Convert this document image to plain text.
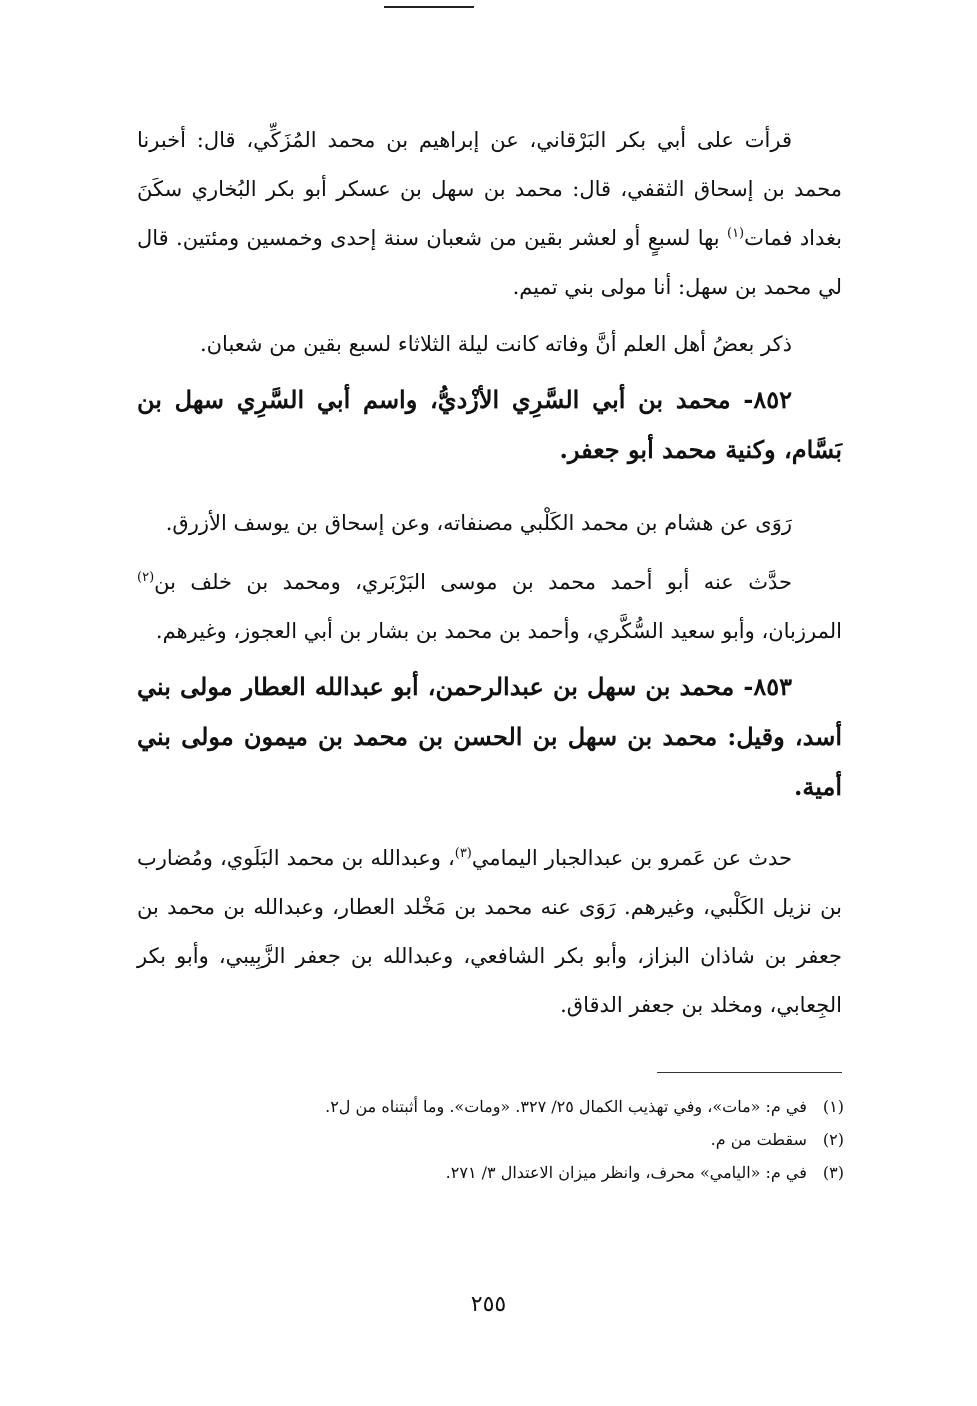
قرأت على أبي بكر البَرْقاني، عن إبراهيم بن محمد المُزَكِّي، قال: أخبرنا محمد بن إسحاق الثقفي، قال: محمد بن سهل بن عسكر أبو بكر البُخاري سكَنَ بغداد فمات$^{(١)}$ بها لسبعٍ أو لعشر بقين من شعبان سنة إحدى وخمسين ومئتين. قال لي محمد بن سهل: أنا مولى بني تميم.

ذكر بعضُ أهل العلم أنَّ وفاته كانت ليلة الثلاثاء لسبع بقين من شعبان.

٨٥٢- محمد بن أبي السَّرِي الأزْديُّ، واسم أبي السَّرِي سهل بن بَسَّام، وكنية محمد أبو جعفر.

رَوَى عن هشام بن محمد الكَلْبي مصنفاته، وعن إسحاق بن يوسف الأزرق.

حدَّث عنه أبو أحمد محمد بن موسى البَرْبَري، ومحمد بن خلف بن$^{(٢)}$ المرزبان، وأبو سعيد السُّكَّري، وأحمد بن محمد بن بشار بن أبي العجوز، وغيرهم.

٨٥٣- محمد بن سهل بن عبدالرحمن، أبو عبدالله العطار مولى بني أسد، وقيل: محمد بن سهل بن الحسن بن محمد بن ميمون مولى بني أمية.

حدث عن عَمرو بن عبدالجبار اليمامي$^{(٣)}$، وعبدالله بن محمد البَلَوي، ومُضارب بن نزيل الكَلْبي، وغيرهم. رَوَى عنه محمد بن مَخْلد العطار، وعبدالله بن محمد بن جعفر بن شاذان البزاز، وأبو بكر الشافعي، وعبدالله بن جعفر الزَّبِيبي، وأبو بكر الجِعابي، ومخلد بن جعفر الدقاق.

(١)في م: «مات»، وفي تهذيب الكمال ٢٥/ ٣٢٧. «ومات». وما أثبتناه من ل٢.

(٢)سقطت من م.

(٣)في م: «اليامي» محرف، وانظر ميزان الاعتدال ٣/ ٢٧١.

٢٥٥
